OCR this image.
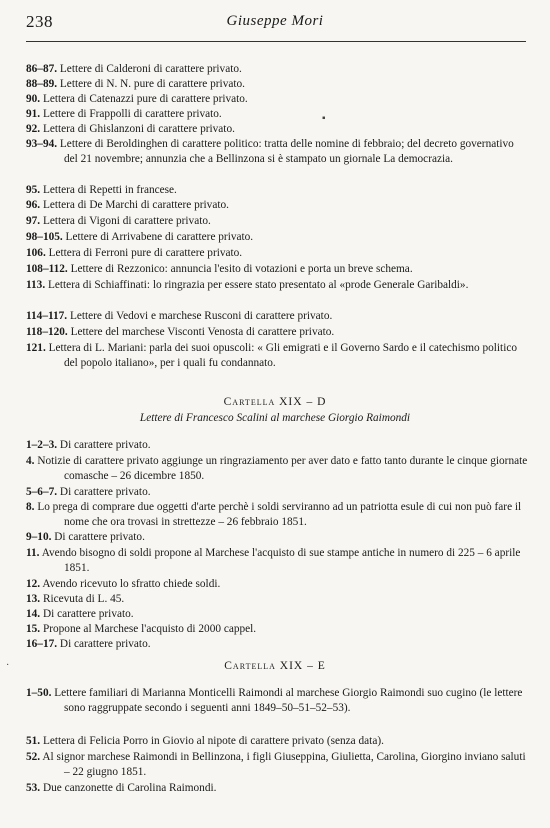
238	Giuseppe Mori
86–87. Lettere di Calderoni di carattere privato.
88–89. Lettere di N. N. pure di carattere privato.
90. Lettera di Catenazzi pure di carattere privato.
91. Lettere di Frappolli di carattere privato.
92. Lettera di Ghislanzoni di carattere privato.
93–94. Lettere di Beroldinghen di carattere politico: tratta delle nomine di febbraio; del decreto governativo del 21 novembre; annunzia che a Bellinzona si è stampato un giornale La democrazia.
95. Lettera di Repetti in francese.
96. Lettera di De Marchi di carattere privato.
97. Lettera di Vigoni di carattere privato.
98–105. Lettere di Arrivabene di carattere privato.
106. Lettera di Ferroni pure di carattere privato.
108–112. Lettere di Rezzonico: annuncia l'esito di votazioni e porta un breve schema.
113. Lettera di Schiaffinati: lo ringrazia per essere stato presentato al «prode Generale Garibaldi».
114–117. Lettere di Vedovi e marchese Rusconi di carattere privato.
118–120. Lettere del marchese Visconti Venosta di carattere privato.
121. Lettera di L. Mariani: parla dei suoi opuscoli: « Gli emigrati e il Governo Sardo e il catechismo politico del popolo italiano», per i quali fu condannato.
Cartella XIX – D
Lettere di Francesco Scalini al marchese Giorgio Raimondi
1–2–3. Di carattere privato.
4. Notizie di carattere privato aggiunge un ringraziamento per aver dato e fatto tanto durante le cinque giornate comasche – 26 dicembre 1850.
5–6–7. Di carattere privato.
8. Lo prega di comprare due oggetti d'arte perchè i soldi serviranno ad un patriotta esule di cui non può fare il nome che ora trovasi in strettezze – 26 febbraio 1851.
9–10. Di carattere privato.
11. Avendo bisogno di soldi propone al Marchese l'acquisto di sue stampe antiche in numero di 225 – 6 aprile 1851.
12. Avendo ricevuto lo sfratto chiede soldi.
13. Ricevuta di L. 45.
14. Di carattere privato.
15. Propone al Marchese l'acquisto di 2000 cappel.
16–17. Di carattere privato.
Cartella XIX – E
1–50. Lettere familiari di Marianna Monticelli Raimondi al marchese Giorgio Raimondi suo cugino (le lettere sono raggruppate secondo i seguenti anni 1849–50–51–52–53).
51. Lettera di Felicia Porro in Giovio al nipote di carattere privato (senza data).
52. Al signor marchese Raimondi in Bellinzona, i figli Giuseppina, Giulietta, Carolina, Giorgino inviano saluti – 22 giugno 1851.
53. Due canzonette di Carolina Raimondi.
▪
·
